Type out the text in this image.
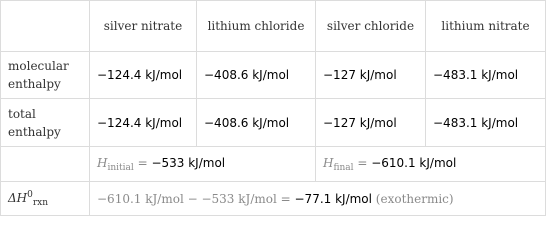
	silver nitrate	lithium chloride	silver chloride	lithium nitrate
molecular enthalpy	−124.4 kJ/mol	−408.6 kJ/mol	−127 kJ/mol	−483.1 kJ/mol
total enthalpy	−124.4 kJ/mol	−408.6 kJ/mol	−127 kJ/mol	−483.1 kJ/mol
	$H_{initial} = -533$ kJ/mol		$H_{final} = -610.1$ kJ/mol	
$\Delta H^0_{rxn}$	−610.1 kJ/mol − −533 kJ/mol = −77.1 kJ/mol (exothermic)			
